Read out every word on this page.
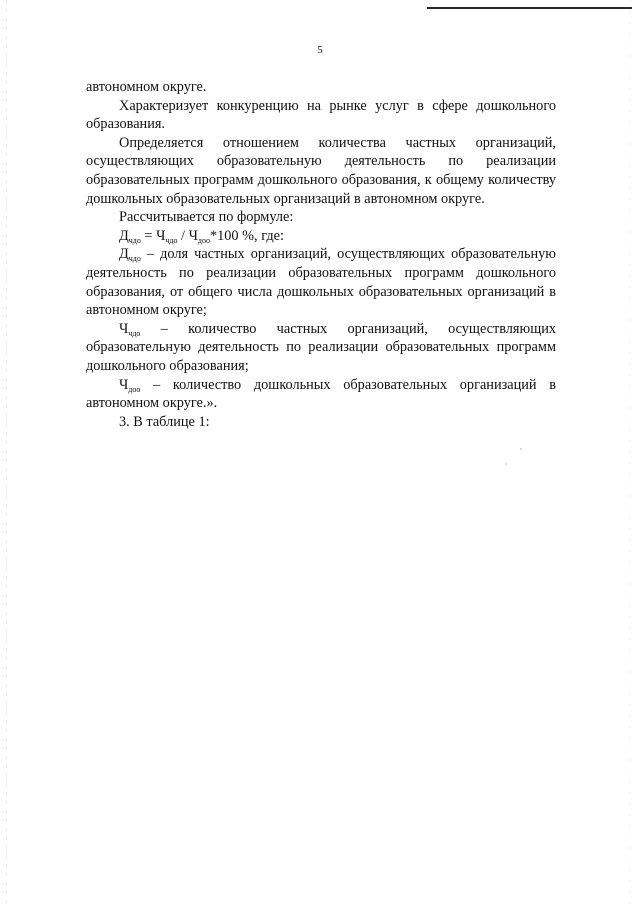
5

автономном округе.

Характеризует конкуренцию на рынке услуг в сфере дошкольного образования.

Определяется отношением количества частных организаций, осуществляющих образовательную деятельность по реализации образовательных программ дошкольного образования, к общему количеству дошкольных образовательных организаций в автономном округе.

Рассчитывается по формуле:

$Д_{чдо} = Ч_{чдо} / Ч_{доо}*100$ %, где:

$Д_{чдо}$ – доля частных организаций, осуществляющих образовательную деятельность по реализации образовательных программ дошкольного образования, от общего числа дошкольных образовательных организаций в автономном округе;

$Ч_{чдо}$ – количество частных организаций, осуществляющих образовательную деятельность по реализации образовательных программ дошкольного образования;

$Ч_{доо}$ – количество дошкольных образовательных организаций в автономном округе.».

3. В таблице 1:
